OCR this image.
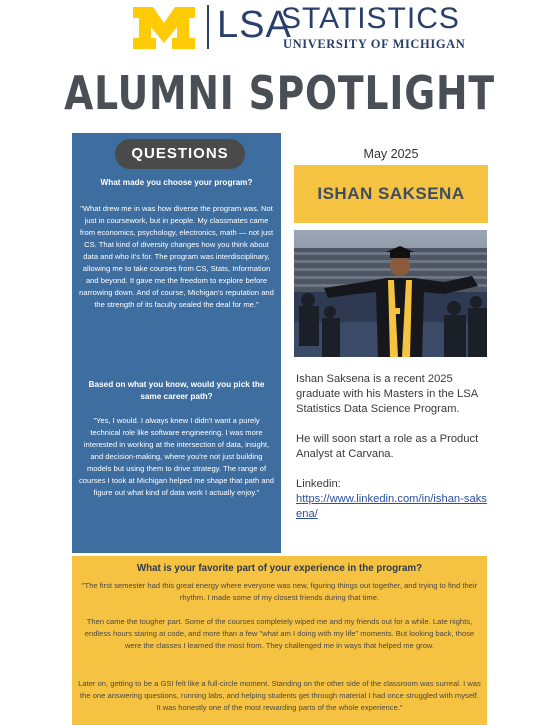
LSA
STATISTICS
UNIVERSITY OF MICHIGAN
ALUMNI SPOTLIGHT
QUESTIONS
What made you choose your program?
"What drew me in was how diverse the program was. Not just in coursework, but in people. My classmates came from economics, psychology, electronics, math — not just CS. That kind of diversity changes how you think about data and who it's for. The program was interdisciplinary, allowing me to take courses from CS, Stats, Information and beyond. It gave me the freedom to explore before narrowing down. And of course, Michigan's reputation and the strength of its faculty sealed the deal for me."
Based on what you know, would you pick the same career path?
"Yes, I would. I always knew I didn't want a purely technical role like software engineering. I was more interested in working at the intersection of data, insight, and decision-making, where you're not just building models but using them to drive strategy. The range of courses I took at Michigan helped me shape that path and figure out what kind of data work I actually enjoy."
May 2025
ISHAN SAKSENA

Ishan Saksena is a recent 2025 graduate with his Masters in the LSA Statistics Data Science Program.

He will soon start a role as a Product Analyst at Carvana.

Linkedin:
https://www.linkedin.com/in/ishan-saksena/
What is your favorite part of your experience in the program?
"The first semester had this great energy where everyone was new, figuring things out together, and trying to find their rhythm. I made some of my closest friends during that time.
Then came the tougher part. Some of the courses completely wiped me and my friends out for a while. Late nights, endless hours staring at code, and more than a few "what am I doing with my life" moments. But looking back, those were the classes I learned the most from. They challenged me in ways that helped me grow.
Later on, getting to be a GSI felt like a full-circle moment. Standing on the other side of the classroom was surreal. I was the one answering questions, running labs, and helping students get through material I had once struggled with myself. It was honestly one of the most rewarding parts of the whole experience."
